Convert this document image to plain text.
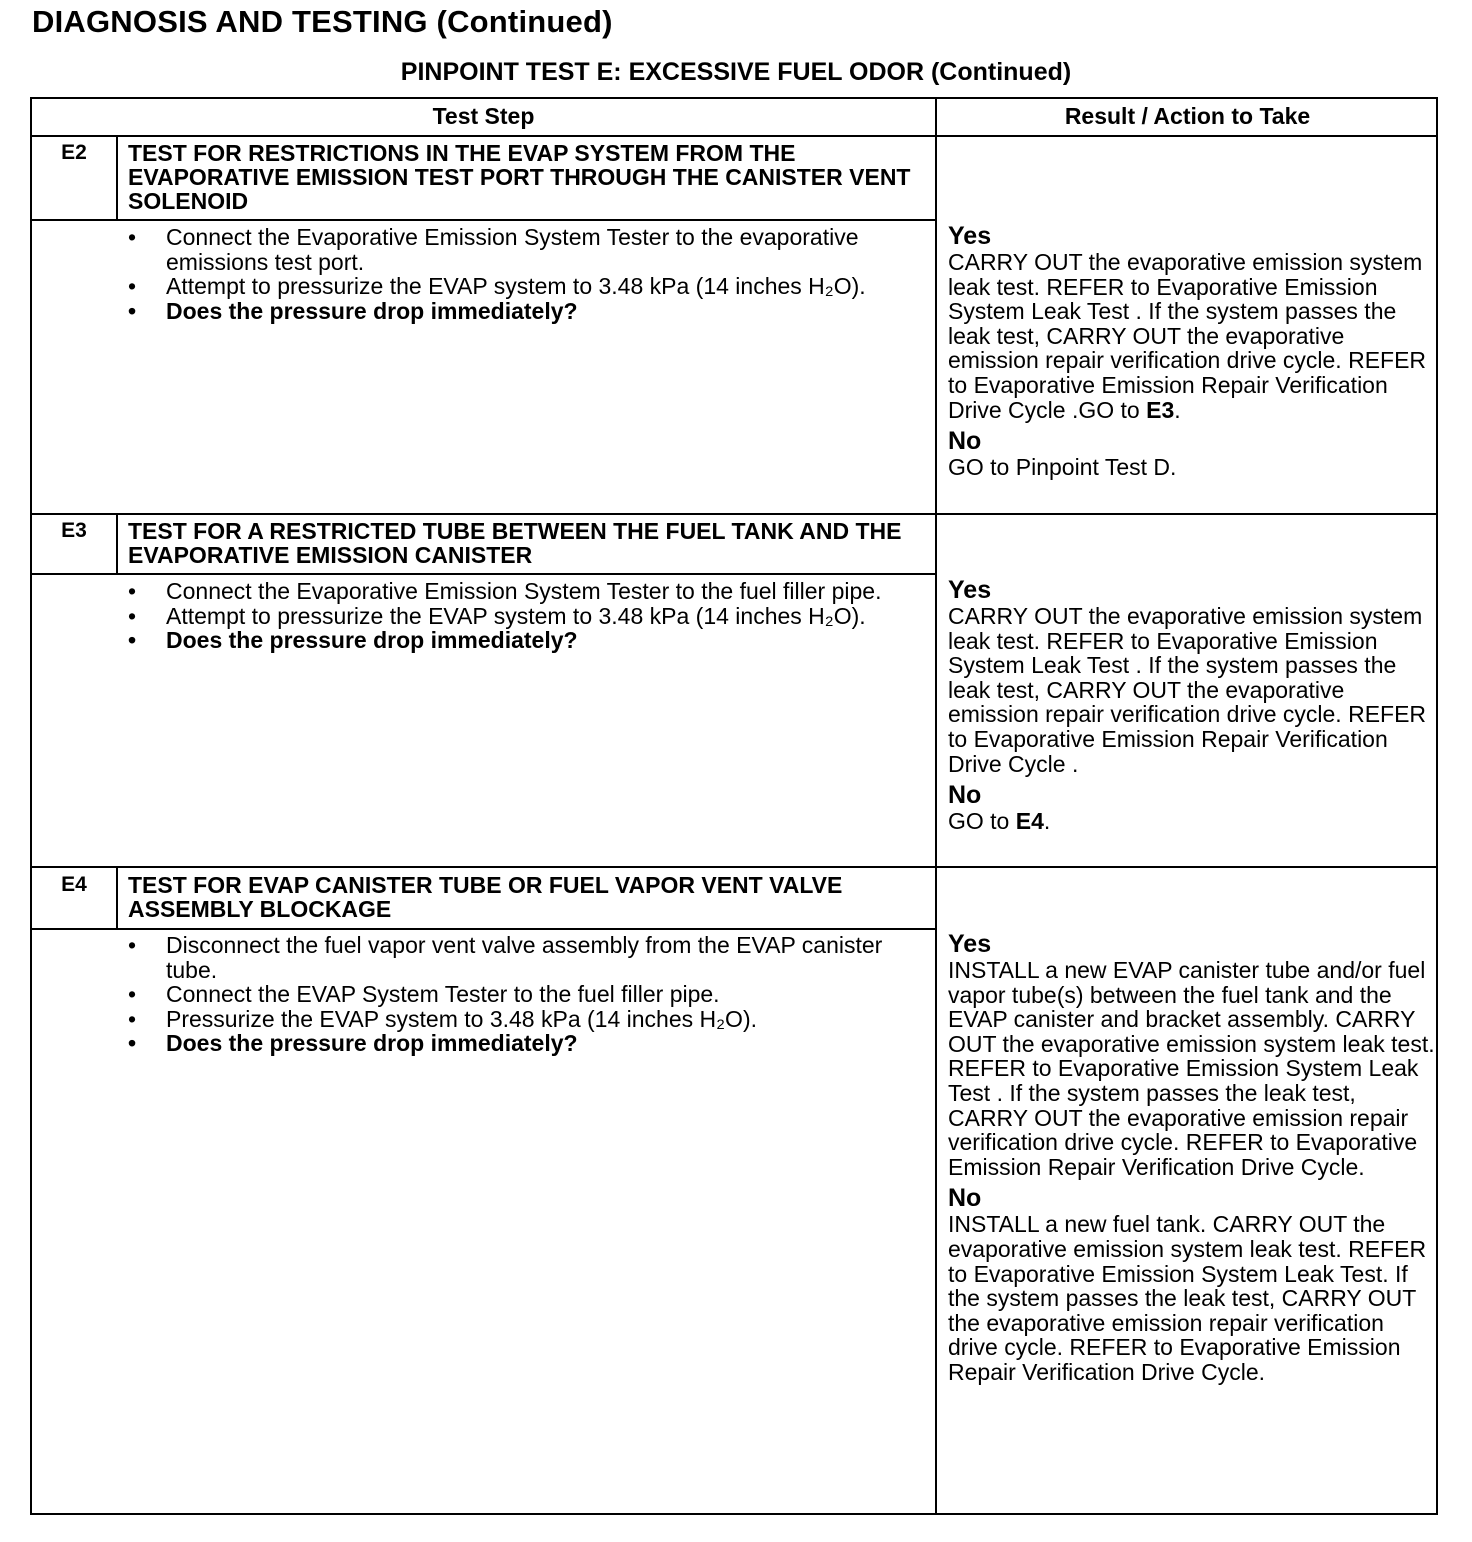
DIAGNOSIS AND TESTING (Continued)
PINPOINT TEST E: EXCESSIVE FUEL ODOR (Continued)
Test Step	Result / Action to Take
E2	TEST FOR RESTRICTIONS IN THE EVAP SYSTEM FROM THE EVAPORATIVE EMISSION TEST PORT THROUGH THE CANISTER VENT SOLENOID
• Connect the Evaporative Emission System Tester to the evaporative emissions test port.
• Attempt to pressurize the EVAP system to 3.48 kPa (14 inches H₂O).
• Does the pressure drop immediately?
Yes
CARRY OUT the evaporative emission system leak test. REFER to Evaporative Emission System Leak Test . If the system passes the leak test, CARRY OUT the evaporative emission repair verification drive cycle. REFER to Evaporative Emission Repair Verification Drive Cycle .GO to E3.
No
GO to Pinpoint Test D.
E3	TEST FOR A RESTRICTED TUBE BETWEEN THE FUEL TANK AND THE EVAPORATIVE EMISSION CANISTER
• Connect the Evaporative Emission System Tester to the fuel filler pipe.
• Attempt to pressurize the EVAP system to 3.48 kPa (14 inches H₂O).
• Does the pressure drop immediately?
Yes
CARRY OUT the evaporative emission system leak test. REFER to Evaporative Emission System Leak Test . If the system passes the leak test, CARRY OUT the evaporative emission repair verification drive cycle. REFER to Evaporative Emission Repair Verification Drive Cycle .
No
GO to E4.
E4	TEST FOR EVAP CANISTER TUBE OR FUEL VAPOR VENT VALVE ASSEMBLY BLOCKAGE
• Disconnect the fuel vapor vent valve assembly from the EVAP canister tube.
• Connect the EVAP System Tester to the fuel filler pipe.
• Pressurize the EVAP system to 3.48 kPa (14 inches H₂O).
• Does the pressure drop immediately?
Yes
INSTALL a new EVAP canister tube and/or fuel vapor tube(s) between the fuel tank and the EVAP canister and bracket assembly. CARRY OUT the evaporative emission system leak test. REFER to Evaporative Emission System Leak Test . If the system passes the leak test, CARRY OUT the evaporative emission repair verification drive cycle. REFER to Evaporative Emission Repair Verification Drive Cycle.
No
INSTALL a new fuel tank. CARRY OUT the evaporative emission system leak test. REFER to Evaporative Emission System Leak Test. If the system passes the leak test, CARRY OUT the evaporative emission repair verification drive cycle. REFER to Evaporative Emission Repair Verification Drive Cycle.
